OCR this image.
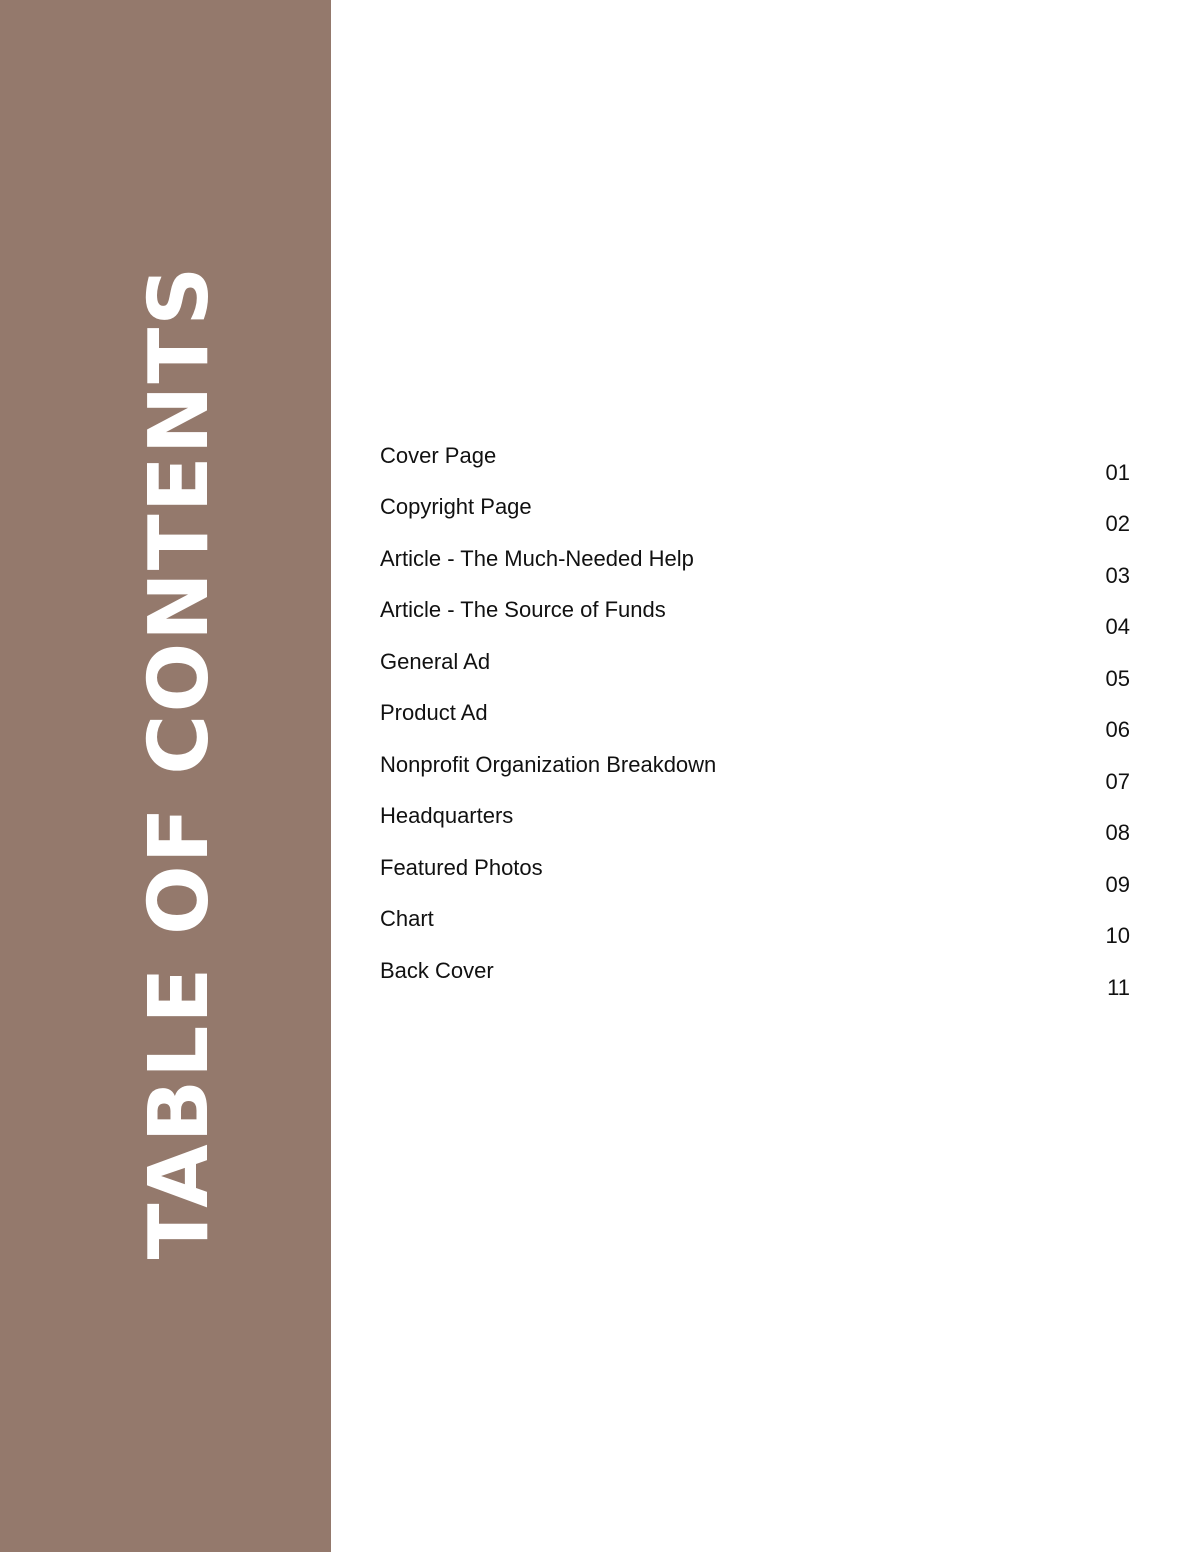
TABLE OF CONTENTS	Cover Page
01
Copyright Page
02
Article - The Much-Needed Help
03
Article - The Source of Funds
04
General Ad
05
Product Ad
06
Nonprofit Organization Breakdown
07
Headquarters
08
Featured Photos
09
Chart
10
Back Cover
11
